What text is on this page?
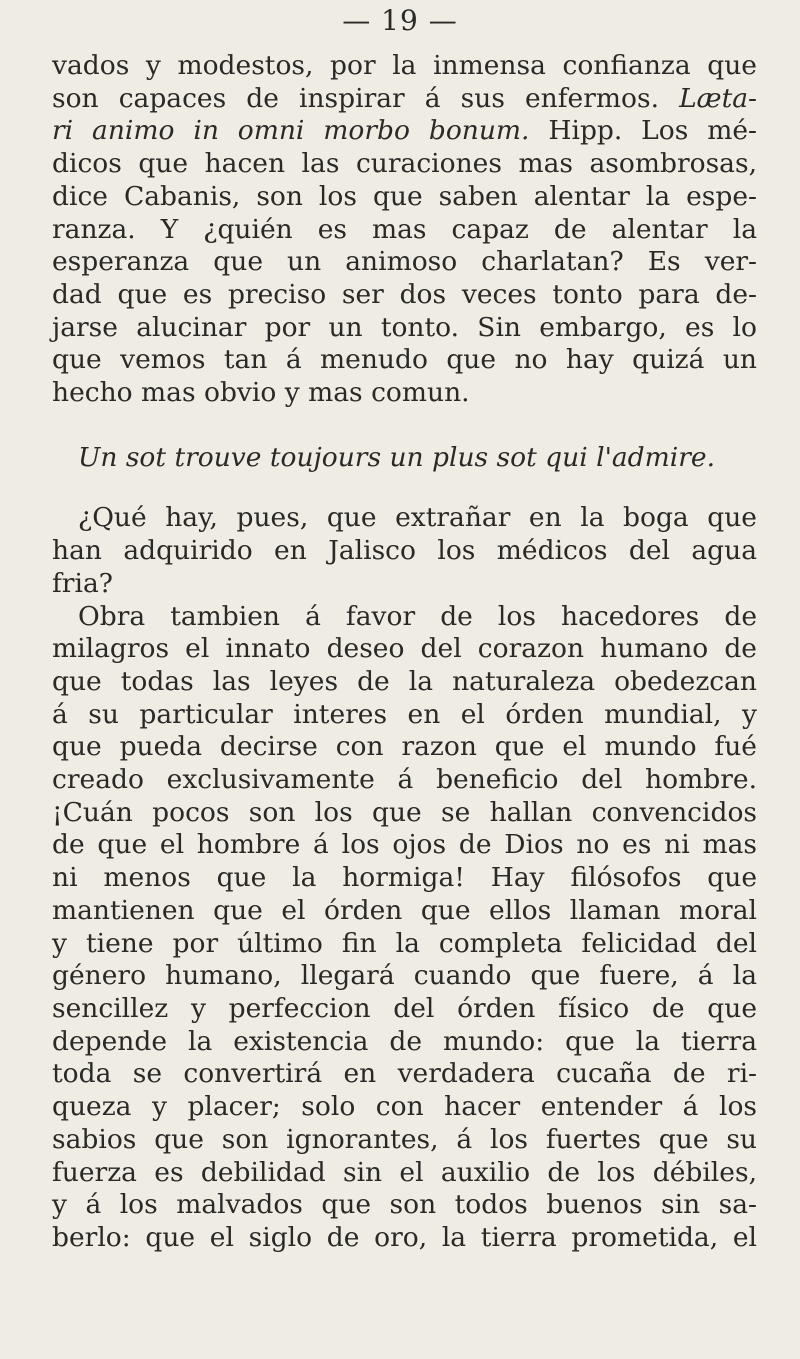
— 19 —
vados y modestos, por la inmensa confianza que
son capaces de inspirar á sus enfermos. Læta-
ri animo in omni morbo bonum. Hipp. Los mé-
dicos que hacen las curaciones mas asombrosas,
dice Cabanis, son los que saben alentar la espe-
ranza. Y ¿quién es mas capaz de alentar la
esperanza que un animoso charlatan? Es ver-
dad que es preciso ser dos veces tonto para de-
jarse alucinar por un tonto. Sin embargo, es lo
que vemos tan á menudo que no hay quizá un
hecho mas obvio y mas comun.
Un sot trouve toujours un plus sot qui l'admire.
¿Qué hay, pues, que extrañar en la boga que
han adquirido en Jalisco los médicos del agua
fria?
Obra tambien á favor de los hacedores de
milagros el innato deseo del corazon humano de
que todas las leyes de la naturaleza obedezcan
á su particular interes en el órden mundial, y
que pueda decirse con razon que el mundo fué
creado exclusivamente á beneficio del hombre.
¡Cuán pocos son los que se hallan convencidos
de que el hombre á los ojos de Dios no es ni mas
ni menos que la hormiga! Hay filósofos que
mantienen que el órden que ellos llaman moral
y tiene por último fin la completa felicidad del
género humano, llegará cuando que fuere, á la
sencillez y perfeccion del órden físico de que
depende la existencia de mundo: que la tierra
toda se convertirá en verdadera cucaña de ri-
queza y placer; solo con hacer entender á los
sabios que son ignorantes, á los fuertes que su
fuerza es debilidad sin el auxilio de los débiles,
y á los malvados que son todos buenos sin sa-
berlo: que el siglo de oro, la tierra prometida, el
